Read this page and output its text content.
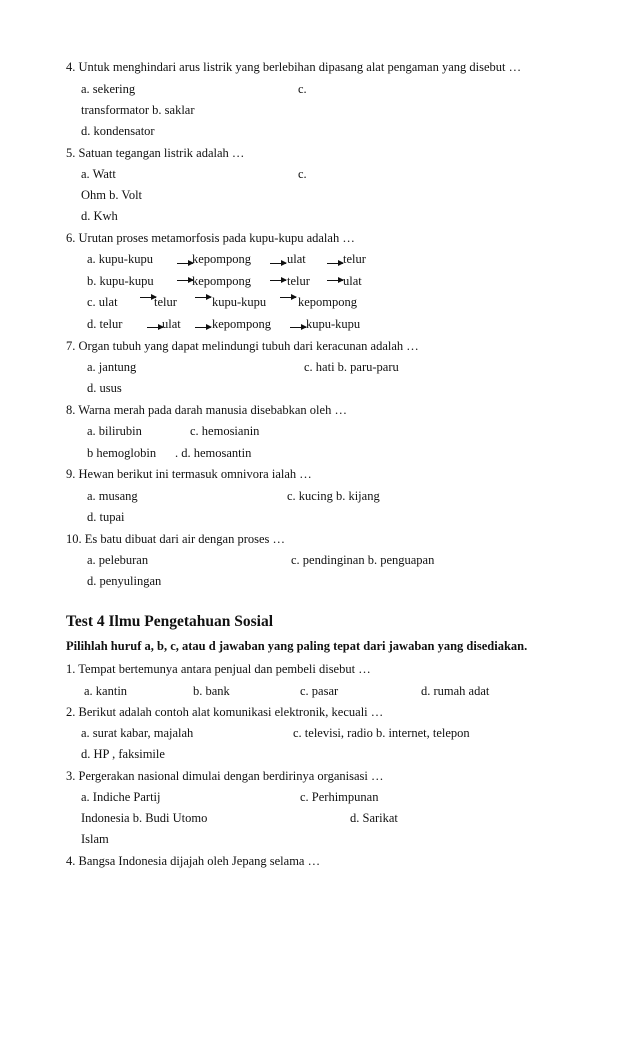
4. Untuk menghindari arus listrik yang berlebihan dipasang alat pengaman yang disebut …
a. sekering	c.
transformator b. saklar
d. kondensator
5. Satuan tegangan listrik adalah …
a. Watt	c.
Ohm b. Volt
d. Kwh
6. Urutan proses metamorfosis pada kupu-kupu adalah …
a. kupu-kupu	kepompong	ulat	telur
b. kupu-kupu	kepompong	telur	ulat
c. ulat	telur	kupu-kupu	kepompong
d. telur	ulat	kepompong	kupu-kupu
7. Organ tubuh yang dapat melindungi tubuh dari keracunan adalah …
a. jantung	c. hati b. paru-paru
d. usus
8. Warna merah pada darah manusia disebabkan oleh …
a. bilirubin	c. hemosianin
b hemoglobin . d. hemosantin
9. Hewan berikut ini termasuk omnivora ialah …
a. musang	c. kucing b. kijang
d. tupai
10. Es batu dibuat dari air dengan proses …
a. peleburan	c. pendinginan b. penguapan
d. penyulingan
Test 4 Ilmu Pengetahuan Sosial
Pilihlah huruf a, b, c, atau d jawaban yang paling tepat dari jawaban yang disediakan.
1. Tempat bertemunya antara penjual dan pembeli disebut …
a. kantin	b. bank	c. pasar	d. rumah adat
2. Berikut adalah contoh alat komunikasi elektronik, kecuali …
a. surat kabar, majalah	c. televisi, radio b. internet, telepon
d. HP , faksimile
3. Pergerakan nasional dimulai dengan berdirinya organisasi …
a. Indiche Partij	c. Perhimpunan
Indonesia b. Budi Utomo	d. Sarikat
Islam
4. Bangsa Indonesia dijajah oleh Jepang selama …
